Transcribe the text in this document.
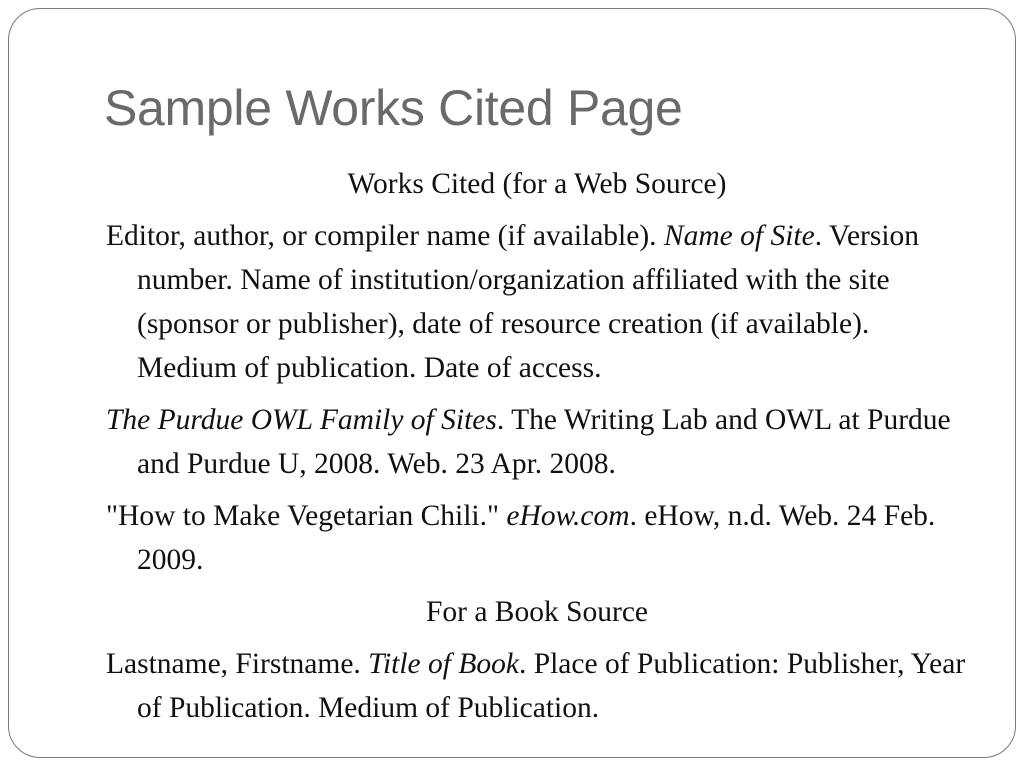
Sample Works Cited Page

Works Cited (for a Web Source)

Editor, author, or compiler name (if available). Name of Site. Version number. Name of institution/organization affiliated with the site (sponsor or publisher), date of resource creation (if available). Medium of publication. Date of access.

The Purdue OWL Family of Sites. The Writing Lab and OWL at Purdue and Purdue U, 2008. Web. 23 Apr. 2008.

"How to Make Vegetarian Chili." eHow.com. eHow, n.d. Web. 24 Feb. 2009.

For a Book Source

Lastname, Firstname. Title of Book. Place of Publication: Publisher, Year of Publication. Medium of Publication.
